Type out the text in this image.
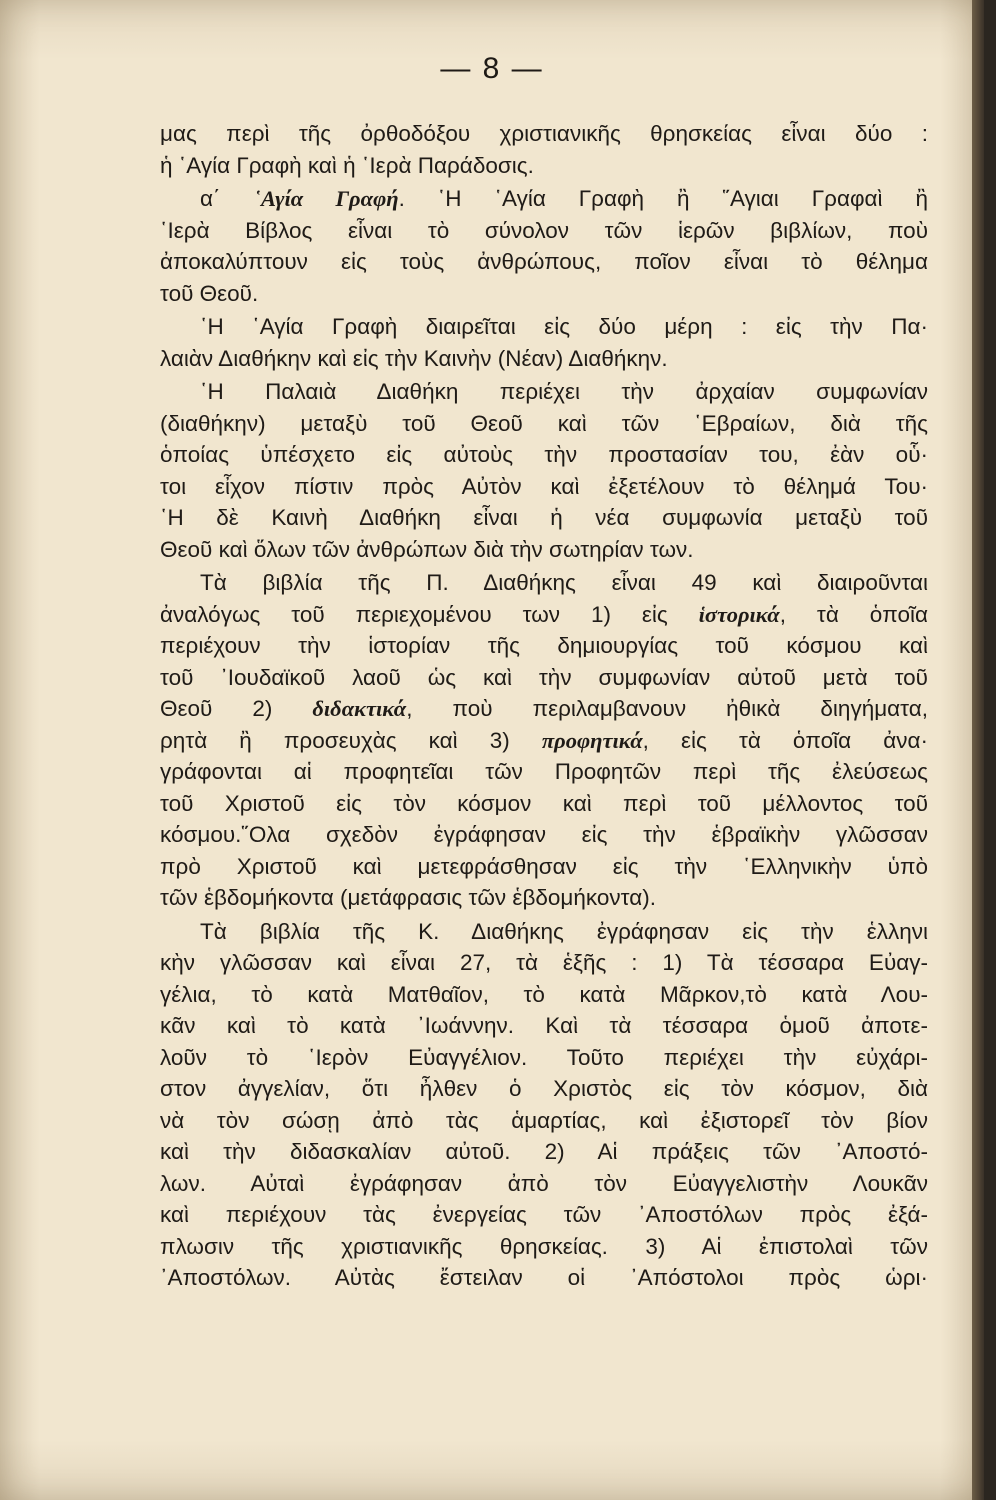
— 8 —
μας περὶ τῆς ὀρθοδόξου χριστιανικῆς θρησκείας εἶναι δύο :
ἡ ῾Αγία Γραφὴ καὶ ἡ ῾Ιερὰ Παράδοσις.
α΄ ῾Αγία Γραφή. ῾Η ῾Αγία Γραφὴ ἢ ῞Αγιαι Γραφαὶ ἢ
῾Ιερὰ Βίβλος εἶναι τὸ σύνολον τῶν ἱερῶν βιβλίων, ποὺ
ἀποκαλύπτουν εἰς τοὺς ἀνθρώπους, ποῖον εἶναι τὸ θέλημα
τοῦ Θεοῦ.
῾Η ῾Αγία Γραφὴ διαιρεῖται εἰς δύο μέρη : εἰς τὴν Πα·
λαιὰν Διαθήκην καὶ εἰς τὴν Καινὴν (Νέαν) Διαθήκην.
῾Η Παλαιὰ Διαθήκη περιέχει τὴν ἀρχαίαν συμφωνίαν
(διαθήκην) μεταξὺ τοῦ Θεοῦ καὶ τῶν ῾Εβραίων, διὰ τῆς
ὁποίας ὑπέσχετο εἰς αὐτοὺς τὴν προστασίαν του, ἐὰν οὗ·
τοι εἶχον πίστιν πρὸς Αὐτὸν καὶ ἐξετέλουν τὸ θέλημά Του·
῾Η δὲ Καινὴ Διαθήκη εἶναι ἡ νέα συμφωνία μεταξὺ τοῦ
Θεοῦ καὶ ὅλων τῶν ἀνθρώπων διὰ τὴν σωτηρίαν των.
Τὰ βιβλία τῆς Π. Διαθήκης εἶναι 49 καὶ διαιροῦνται
ἀναλόγως τοῦ περιεχομένου των 1) εἰς ἱστορικά, τὰ ὁποῖα
περιέχουν τὴν ἱστορίαν τῆς δημιουργίας τοῦ κόσμου καὶ
τοῦ ᾿Ιουδαϊκοῦ λαοῦ ὡς καὶ τὴν συμφωνίαν αὐτοῦ μετὰ τοῦ
Θεοῦ 2) διδακτικά, ποὺ περιλαμβανουν ἠθικὰ διηγήματα,
ρητὰ ἢ προσευχὰς καὶ 3) προφητικά, εἰς τὰ ὁποῖα ἀνα·
γράφονται αἱ προφητεῖαι τῶν Προφητῶν περὶ τῆς ἐλεύσεως
τοῦ Χριστοῦ εἰς τὸν κόσμον καὶ περὶ τοῦ μέλλοντος τοῦ
κόσμου.῞Ολα σχεδὸν ἐγράφησαν εἰς τὴν ἑβραϊκὴν γλῶσσαν
πρὸ Χριστοῦ καὶ μετεφράσθησαν εἰς τὴν ῾Ελληνικὴν ὑπὸ
τῶν ἑβδομήκοντα (μετάφρασις τῶν ἑβδομήκοντα).
Τὰ βιβλία τῆς Κ. Διαθήκης ἐγράφησαν εἰς τὴν ἑλληνι
κὴν γλῶσσαν καὶ εἶναι 27, τὰ ἑξῆς : 1) Τὰ τέσσαρα Εὐαγ-
γέλια, τὸ κατὰ Ματθαῖον, τὸ κατὰ Μᾶρκον,τὸ κατὰ Λου-
κᾶν καὶ τὸ κατὰ ᾿Ιωάννην. Καὶ τὰ τέσσαρα ὁμοῦ ἀποτε-
λοῦν τὸ ῾Ιερὸν Εὐαγγέλιον. Τοῦτο περιέχει τὴν εὐχάρι-
στον ἀγγελίαν, ὅτι ἦλθεν ὁ Χριστὸς εἰς τὸν κόσμον, διὰ
νὰ τὸν σώσῃ ἀπὸ τὰς ἁμαρτίας, καὶ ἐξιστορεῖ τὸν βίον
καὶ τὴν διδασκαλίαν αὐτοῦ. 2) Αἱ πράξεις τῶν ᾿Αποστό-
λων. Αὐταὶ ἐγράφησαν ἀπὸ τὸν Εὐαγγελιστὴν Λουκᾶν
καὶ περιέχουν τὰς ἐνεργείας τῶν ᾿Αποστόλων πρὸς ἐξά-
πλωσιν τῆς χριστιανικῆς θρησκείας. 3) Αἱ ἐπιστολαὶ τῶν
᾿Αποστόλων. Αὐτὰς ἔστειλαν οἱ ᾿Απόστολοι πρὸς ὡρι·
